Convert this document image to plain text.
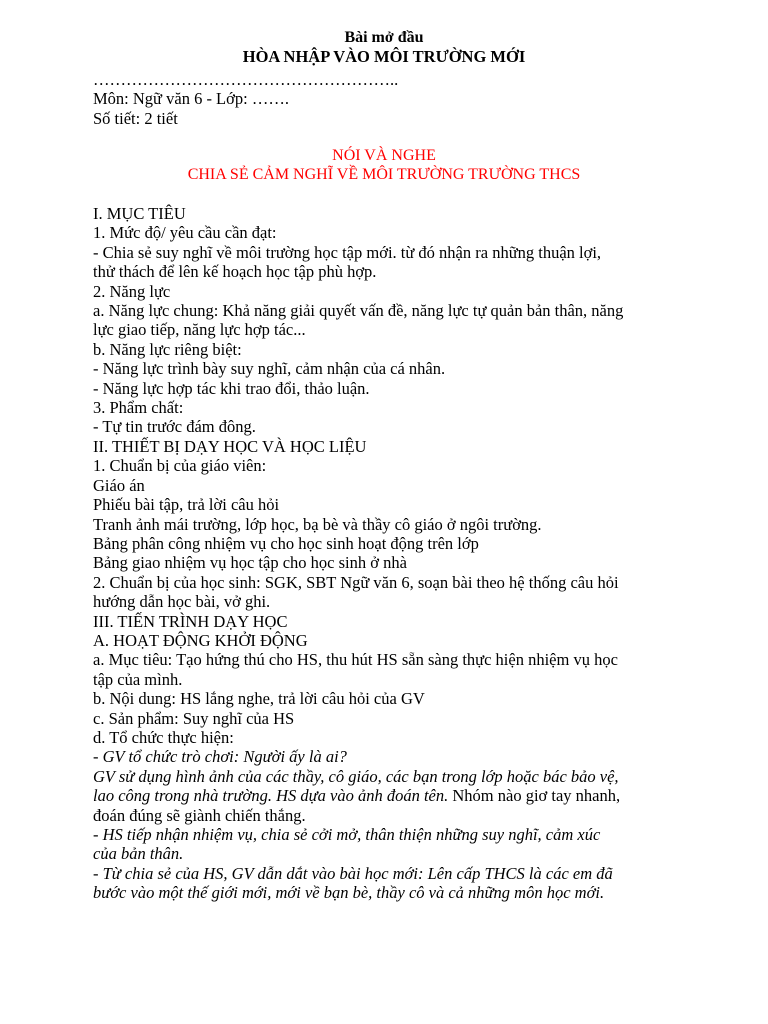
Bài mở đầu
HÒA NHẬP VÀO MÔI TRƯỜNG MỚI
………………………………………………..
Môn: Ngữ văn 6 - Lớp: …….
Số tiết: 2 tiết
NÓI VÀ NGHE
CHIA SẺ CẢM NGHĨ VỀ MÔI TRƯỜNG TRƯỜNG THCS
I. MỤC TIÊU
1. Mức độ/ yêu cầu cần đạt:
- Chia sẻ suy nghĩ về môi trường học tập mới. từ đó nhận ra những thuận lợi,
thử thách để lên kế hoạch học tập phù hợp.
2. Năng lực
a. Năng lực chung: Khả năng giải quyết vấn đề, năng lực tự quản bản thân, năng
lực giao tiếp, năng lực hợp tác...
b. Năng lực riêng biệt:
- Năng lực trình bày suy nghĩ, cảm nhận của cá nhân.
- Năng lực hợp tác khi trao đổi, thảo luận.
3. Phẩm chất:
- Tự tin trước đám đông.
II. THIẾT BỊ DẠY HỌC VÀ HỌC LIỆU
1. Chuẩn bị của giáo viên:
Giáo án
Phiếu bài tập, trả lời câu hỏi
Tranh ảnh mái trường, lớp học, bạ bè và thầy cô giáo ở ngôi trường.
Bảng phân công nhiệm vụ cho học sinh hoạt động trên lớp
Bảng giao nhiệm vụ học tập cho học sinh ở nhà
2. Chuẩn bị của học sinh: SGK, SBT Ngữ văn 6, soạn bài theo hệ thống câu hỏi
hướng dẫn học bài, vở ghi.
III. TIẾN TRÌNH DẠY HỌC
A. HOẠT ĐỘNG KHỞI ĐỘNG
a. Mục tiêu: Tạo hứng thú cho HS, thu hút HS sẵn sàng thực hiện nhiệm vụ học
tập của mình.
b. Nội dung: HS lắng nghe, trả lời câu hỏi của GV
c. Sản phẩm: Suy nghĩ của HS
d. Tổ chức thực hiện:
- GV tổ chức trò chơi: Người ấy là ai?
GV sử dụng hình ảnh của các thầy, cô giáo, các bạn trong lớp hoặc bác bảo vệ,
lao công trong nhà trường. HS dựa vào ảnh đoán tên. Nhóm nào giơ tay nhanh,
đoán đúng sẽ giành chiến thắng.
- HS tiếp nhận nhiệm vụ, chia sẻ cởi mở, thân thiện những suy nghĩ, cảm xúc
của bản thân.
- Từ chia sẻ của HS, GV dẫn dắt vào bài học mới: Lên cấp THCS là các em đã
bước vào một thế giới mới, mới về bạn bè, thầy cô và cả những môn học mới.
